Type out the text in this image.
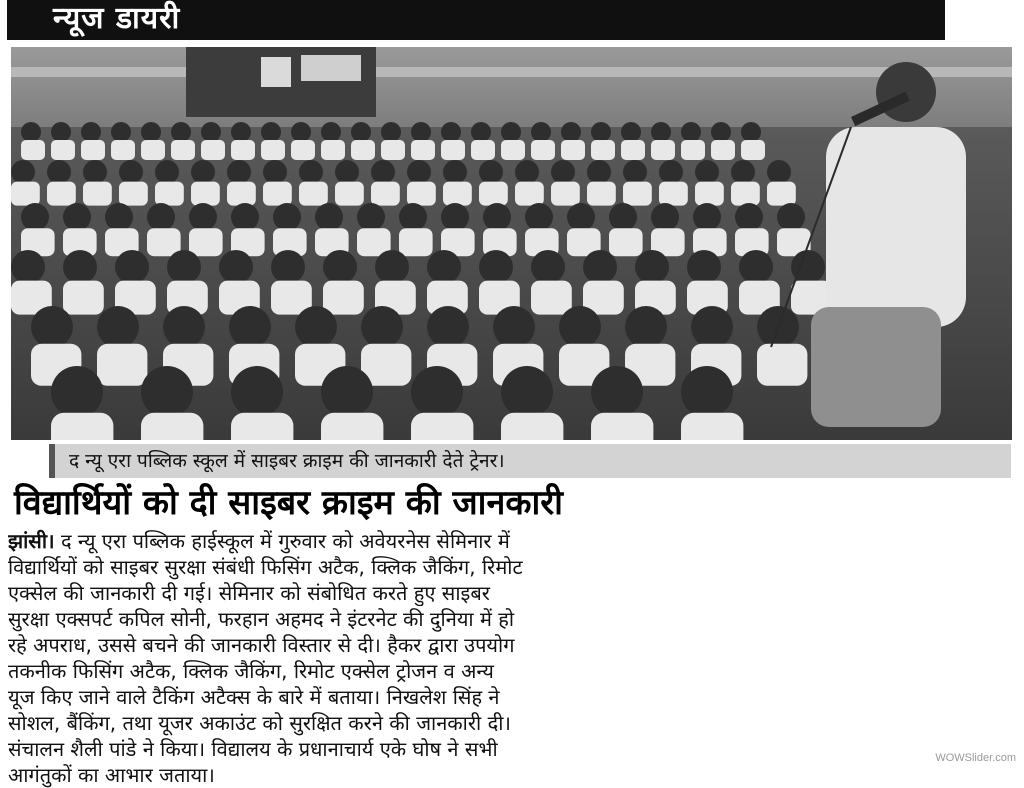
न्यूज डायरी
द न्यू एरा पब्लिक स्कूल में साइबर क्राइम की जानकारी देते ट्रेनर।
विद्यार्थियों को दी साइबर क्राइम की जानकारी
झांसी। द न्यू एरा पब्लिक हाईस्कूल में गुरुवार को अवेयरनेस सेमिनार में
विद्यार्थियों को साइबर सुरक्षा संबंधी फिसिंग अटैक, क्लिक जैकिंग, रिमोट
एक्सेल की जानकारी दी गई। सेमिनार को संबोधित करते हुए साइबर
सुरक्षा एक्सपर्ट कपिल सोनी, फरहान अहमद ने इंटरनेट की दुनिया में हो
रहे अपराध, उससे बचने की जानकारी विस्तार से दी। हैकर द्वारा उपयोग
तकनीक फिसिंग अटैक, क्लिक जैकिंग, रिमोट एक्सेल ट्रोजन व अन्य
यूज किए जाने वाले टैकिंग अटैक्स के बारे में बताया। निखलेश सिंह ने
सोशल, बैंकिंग, तथा यूजर अकाउंट को सुरक्षित करने की जानकारी दी।
संचालन शैली पांडे ने किया। विद्यालय के प्रधानाचार्य एके घोष ने सभी
आगंतुकों का आभार जताया।
WOWSlider.com
